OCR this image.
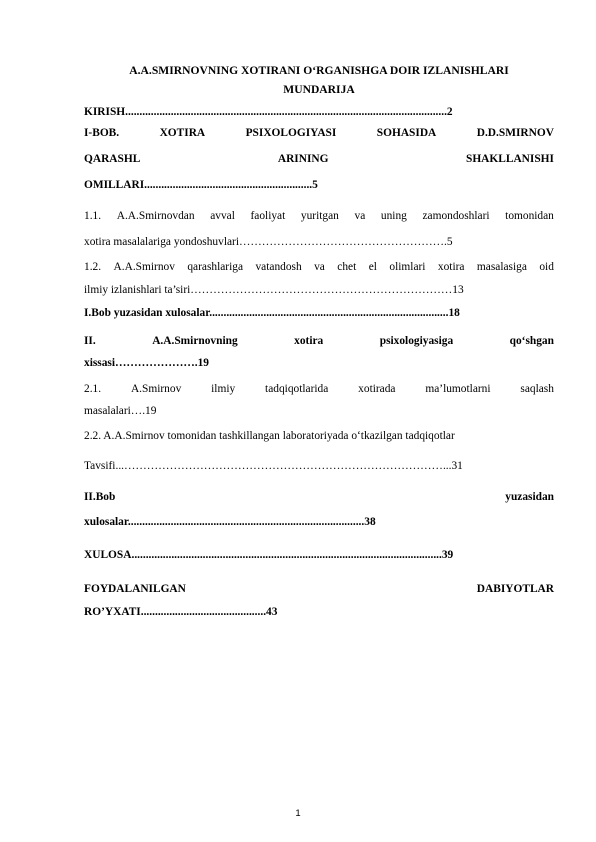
A.A.SMIRNOVNING XOTIRANI O‘RGANISHGA DOIR IZLANISHLARI
MUNDARIJA
KIRISH.................................................................................................................2
I-BOB.	XOTIRA	PSIXOLOGIYASI	SOHASIDA	D.D.SMIRNOV
QARASHL	ARINING	SHAKLLANISHI
OMILLARI...........................................................5
1.1. A.A.Smirnovdan avval faoliyat yuritgan va uning zamondoshlari tomonidan
xotira masalalariga yondoshuvlari……………………………………………….5
1.2. A.A.Smirnov qarashlariga vatandosh va chet el olimlari xotira masalasiga oid
ilmiy izlanishlari ta’siri……………………………………………………………13
I.Bob yuzasidan xulosalar....................................................................................18
II.	A.A.Smirnovning	xotira	psixologiyasiga	qo‘shgan
xissasi………………….19
2.1.	A.Smirnov	ilmiy	tadqiqotlarida	xotirada	ma’lumotlarni	saqlash
masalalari….19
2.2. A.A.Smirnov tomonidan tashkillangan laboratoriyada o‘tkazilgan tadqiqotlar
Tavsifi...…………………………………………………………………………...31
II.Bob	yuzasidan
xulosalar...................................................................................38
XULOSA.............................................................................................................39
FOYDALANILGAN	DABIYOTLAR
RO’YXATI............................................43
1
